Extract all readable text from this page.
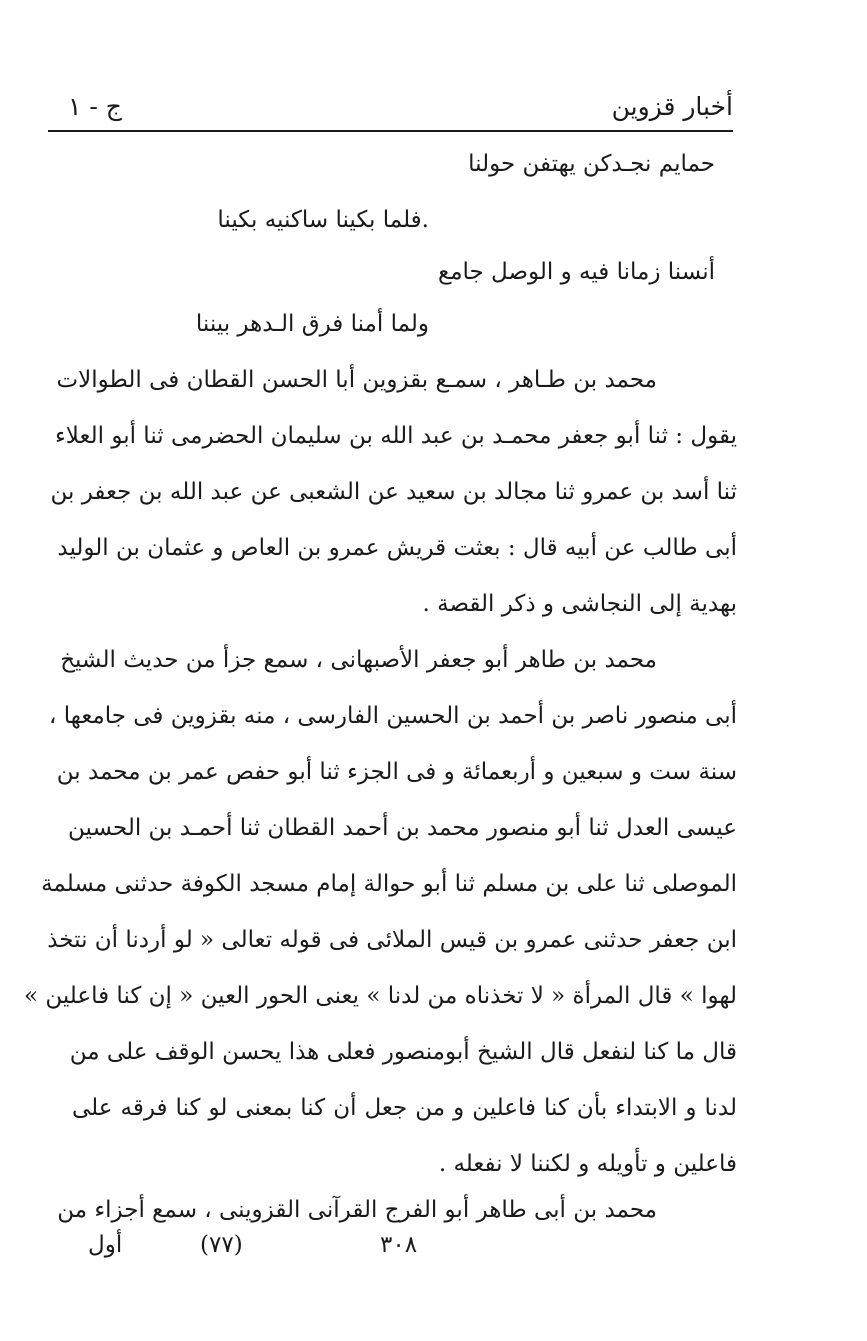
أخبار قزوين
ج - ١
حمايم نجـدكن يهتفن حولنا
.فلما بكينا ساكنيه بكينا
أنسنا زمانا فيه و الوصل جامع
ولما أمنا فرق الـدهر بيننا
محمد بن طـاهر ، سمـع بقزوين أبا الحسن القطان فى الطوالات
يقول : ثنا أبو جعفر محمـد بن عبد الله بن سليمان الحضرمى ثنا أبو العلاء
ثنا أسد بن عمرو ثنا مجالد بن سعيد عن الشعبى عن عبد الله بن جعفر بن
أبى طالب عن أبيه قال : بعثت قريش عمرو بن العاص و عثمان بن الوليد
بهدية إلى النجاشى و ذكر القصة .
محمد بن طاهر أبو جعفر الأصبهانى ، سمع جزأ من حديث الشيخ
أبى منصور ناصر بن أحمد بن الحسين الفارسى ، منه بقزوين فى جامعها ،
سنة ست و سبعين و أربعمائة و فى الجزء ثنا أبو حفص عمر بن محمد بن
عيسى العدل ثنا أبو منصور محمد بن أحمد القطان ثنا أحمـد بن الحسين
الموصلى ثنا على بن مسلم ثنا أبو حوالة إمام مسجد الكوفة حدثنى مسلمة
ابن جعفر حدثنى عمرو بن قيس الملائى فى قوله تعالى « لو أردنا أن نتخذ
لهوا » قال المرأة « لا تخذناه من لدنا » يعنى الحور العين « إن كنا فاعلين »
قال ما كنا لنفعل قال الشيخ أبومنصور فعلى هذا يحسن الوقف على من
لدنا و الابتداء بأن كنا فاعلين و من جعل أن كنا بمعنى لو كنا فرقه على
فاعلين و تأويله و لكننا لا نفعله .
محمد بن أبى طاهر أبو الفرج القرآنى القزوينى ، سمع أجزاء من
أول	(٧٧)	٣٠٨
